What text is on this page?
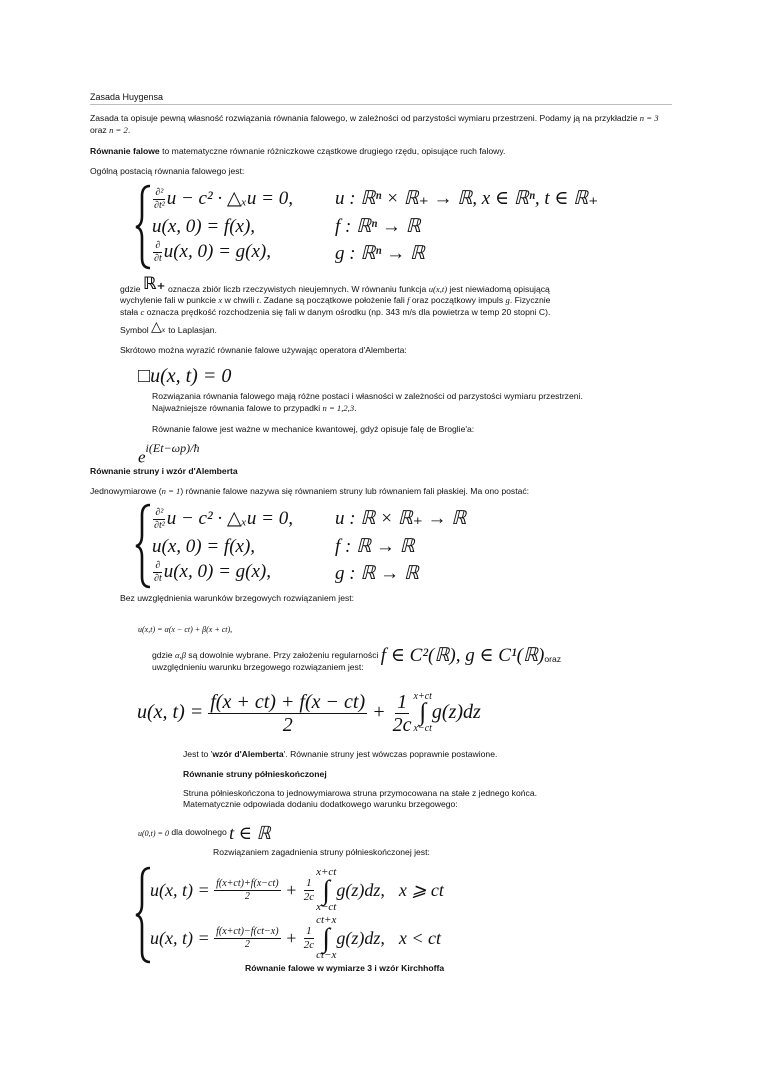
Zasada Huygensa
Zasada ta opisuje pewną własność rozwiązania równania falowego, w zależności od parzystości wymiaru przestrzeni. Podamy ją na przykładzie n = 3 oraz n = 2.
Równanie falowe to matematyczne równanie różniczkowe cząstkowe drugiego rzędu, opisujące ruch falowy.
Ogólną postacią równania falowego jest:
$\frac{\text{∂²}}{\text{∂t²}}$ u − c² · △ₓu = 0, u : ℝⁿ × ℝ₊ → ℝ, x ∈ ℝⁿ, t ∈ ℝ₊
u(x, 0) = f(x),	f : ℝⁿ → ℝ
$\frac{\partial}{\partial t} u(x$, 0) = g(x),	g : ℝⁿ → ℝ
gdzie ℝ₊ oznacza zbiór liczb rzeczywistych nieujemnych. W równaniu funkcja u(x,t) jest niewiadomą opisującą
wychylenie fali w punkcie x w chwili t. Zadane są początkowe położenie fali f oraz początkowy impuls g. Fizycznie
stała c oznacza prędkość rozchodzenia się fali w danym ośrodku (np. 343 m/s dla powietrza w temp 20 stopni C).
Symbol △ₓ to Laplasjan.
Skrótowo można wyrazić równanie falowe używając operatora d'Alemberta:
□u(x, t) = 0
Rozwiązania równania falowego mają różne postaci i własności w zależności od parzystości wymiaru przestrzeni.
Najważniejsze równania falowe to przypadki n = 1,2,3.
Równanie falowe jest ważne w mechanice kwantowej, gdyż opisuje falę de Broglie'a:
$e^{i(Et-\omega p)/ħ}$
Równanie struny i wzór d'Alemberta
Jednowymiarowe (n = 1) równanie falowe nazywa się równaniem struny lub równaniem fali płaskiej. Ma ono postać:
$\frac{\text{∂²}}{\text{∂t²}}$ u − c² · △ₓu = 0, u : ℝ × ℝ₊ → ℝ
u(x, 0) = f(x),	f : ℝ → ℝ
$\frac{\partial}{\partial t} u(x$, 0) = g(x),	g : ℝ → ℝ
Bez uwzględnienia warunków brzegowych rozwiązaniem jest:
u(x,t) = α(x − ct) + β(x + ct),
gdzie
α,β
są dowolnie wybrane. Przy założeniu regularności
f ∈ C²(ℝ), g ∈ C¹(ℝ) oraz
uwzględnieniu warunku brzegowego rozwiązaniem jest:
u(x, t) =
$\frac{f(x + ct) + f(x - ct)}{2}$
+
$\frac{1}{2c} x+ct$
∫
x−ct
g(z)dz
Jest to 'wzór d'Alemberta'. Równanie struny jest wówczas poprawnie postawione.
Równanie struny półnieskończonej
Struna półnieskończona to jednowymiarowa struna przymocowana na stałe z jednego końca.
Matematycznie odpowiada dodaniu dodatkowego warunku brzegowego:
u(0,t) = 0
dla dowolnego
t ∈ ℝ
Rozwiązaniem zagadnienia struny półnieskończonej jest:
u(x, t) =
$\frac{f(x+ct)+f(x-ct)}{2}$
+
$\frac{1}{2c}$
x+ct
∫
x−ct
g(z)dz, x ⩾ ct
u(x, t) =
$\frac{f(x+ct)-f(ct-x)}{2}$
+
$\frac{1}{2c}$
ct+x
∫
ct−x
g(z)dz, x < ct
Równanie falowe w wymiarze 3 i wzór Kirchhoffa
